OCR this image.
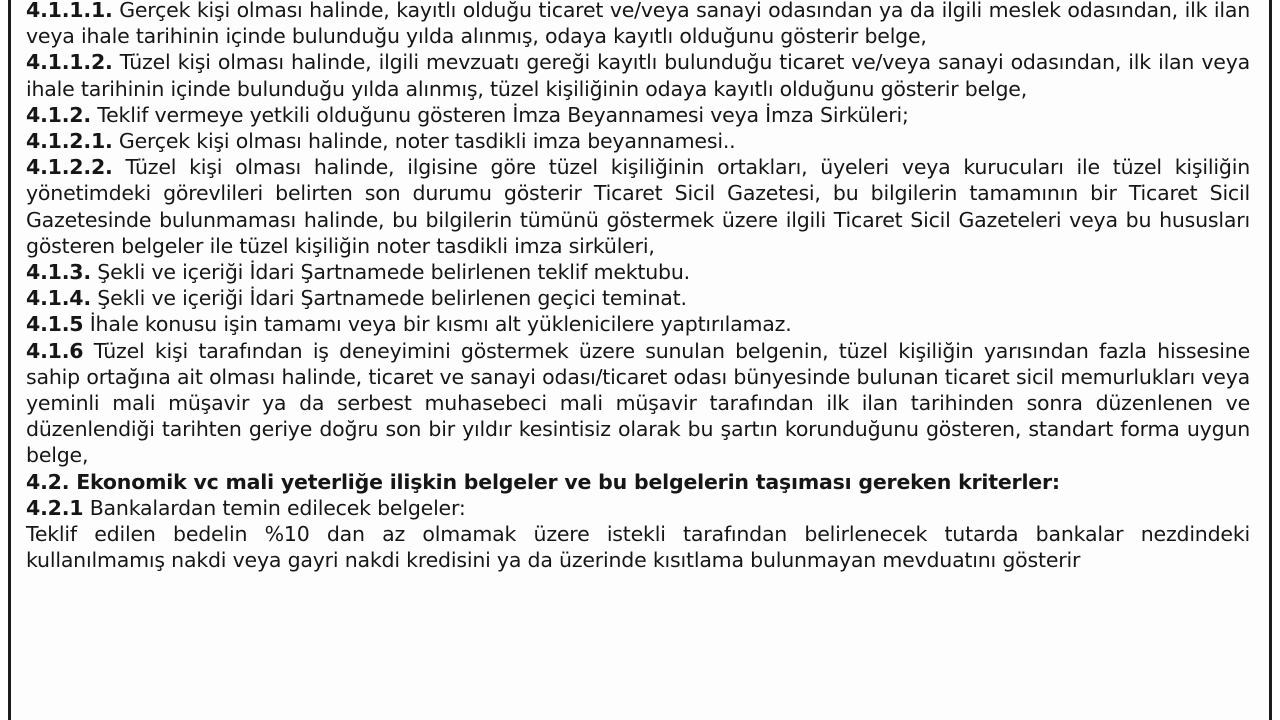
4.1.1.1. Gerçek kişi olması halinde, kayıtlı olduğu ticaret ve/veya sanayi odasından ya da ilgili meslek odasından, ilk ilan veya ihale tarihinin içinde bulunduğu yılda alınmış, odaya kayıtlı olduğunu gösterir belge,

4.1.1.2. Tüzel kişi olması halinde, ilgili mevzuatı gereği kayıtlı bulunduğu ticaret ve/veya sanayi odasından, ilk ilan veya ihale tarihinin içinde bulunduğu yılda alınmış, tüzel kişiliğinin odaya kayıtlı olduğunu gösterir belge,

4.1.2. Teklif vermeye yetkili olduğunu gösteren İmza Beyannamesi veya İmza Sirküleri;

4.1.2.1. Gerçek kişi olması halinde, noter tasdikli imza beyannamesi..

4.1.2.2. Tüzel kişi olması halinde, ilgisine göre tüzel kişiliğinin ortakları, üyeleri veya kurucuları ile tüzel kişiliğin yönetimdeki görevlileri belirten son durumu gösterir Ticaret Sicil Gazetesi, bu bilgilerin tamamının bir Ticaret Sicil Gazetesinde bulunmaması halinde, bu bilgilerin tümünü göstermek üzere ilgili Ticaret Sicil Gazeteleri veya bu hususları gösteren belgeler ile tüzel kişiliğin noter tasdikli imza sirküleri,

4.1.3. Şekli ve içeriği İdari Şartnamede belirlenen teklif mektubu.

4.1.4. Şekli ve içeriği İdari Şartnamede belirlenen geçici teminat.

4.1.5 İhale konusu işin tamamı veya bir kısmı alt yüklenicilere yaptırılamaz.

4.1.6 Tüzel kişi tarafından iş deneyimini göstermek üzere sunulan belgenin, tüzel kişiliğin yarısından fazla hissesine sahip ortağına ait olması halinde, ticaret ve sanayi odası/ticaret odası bünyesinde bulunan ticaret sicil memurlukları veya yeminli mali müşavir ya da serbest muhasebeci mali müşavir tarafından ilk ilan tarihinden sonra düzenlenen ve düzenlendiği tarihten geriye doğru son bir yıldır kesintisiz olarak bu şartın korunduğunu gösteren, standart forma uygun belge,

4.2. Ekonomik vc mali yeterliğe ilişkin belgeler ve bu belgelerin taşıması gereken kriterler:

4.2.1 Bankalardan temin edilecek belgeler:

Teklif edilen bedelin %10 dan az olmamak üzere istekli tarafından belirlenecek tutarda bankalar nezdindeki kullanılmamış nakdi veya gayri nakdi kredisini ya da üzerinde kısıtlama bulunmayan mevduatını gösterir
